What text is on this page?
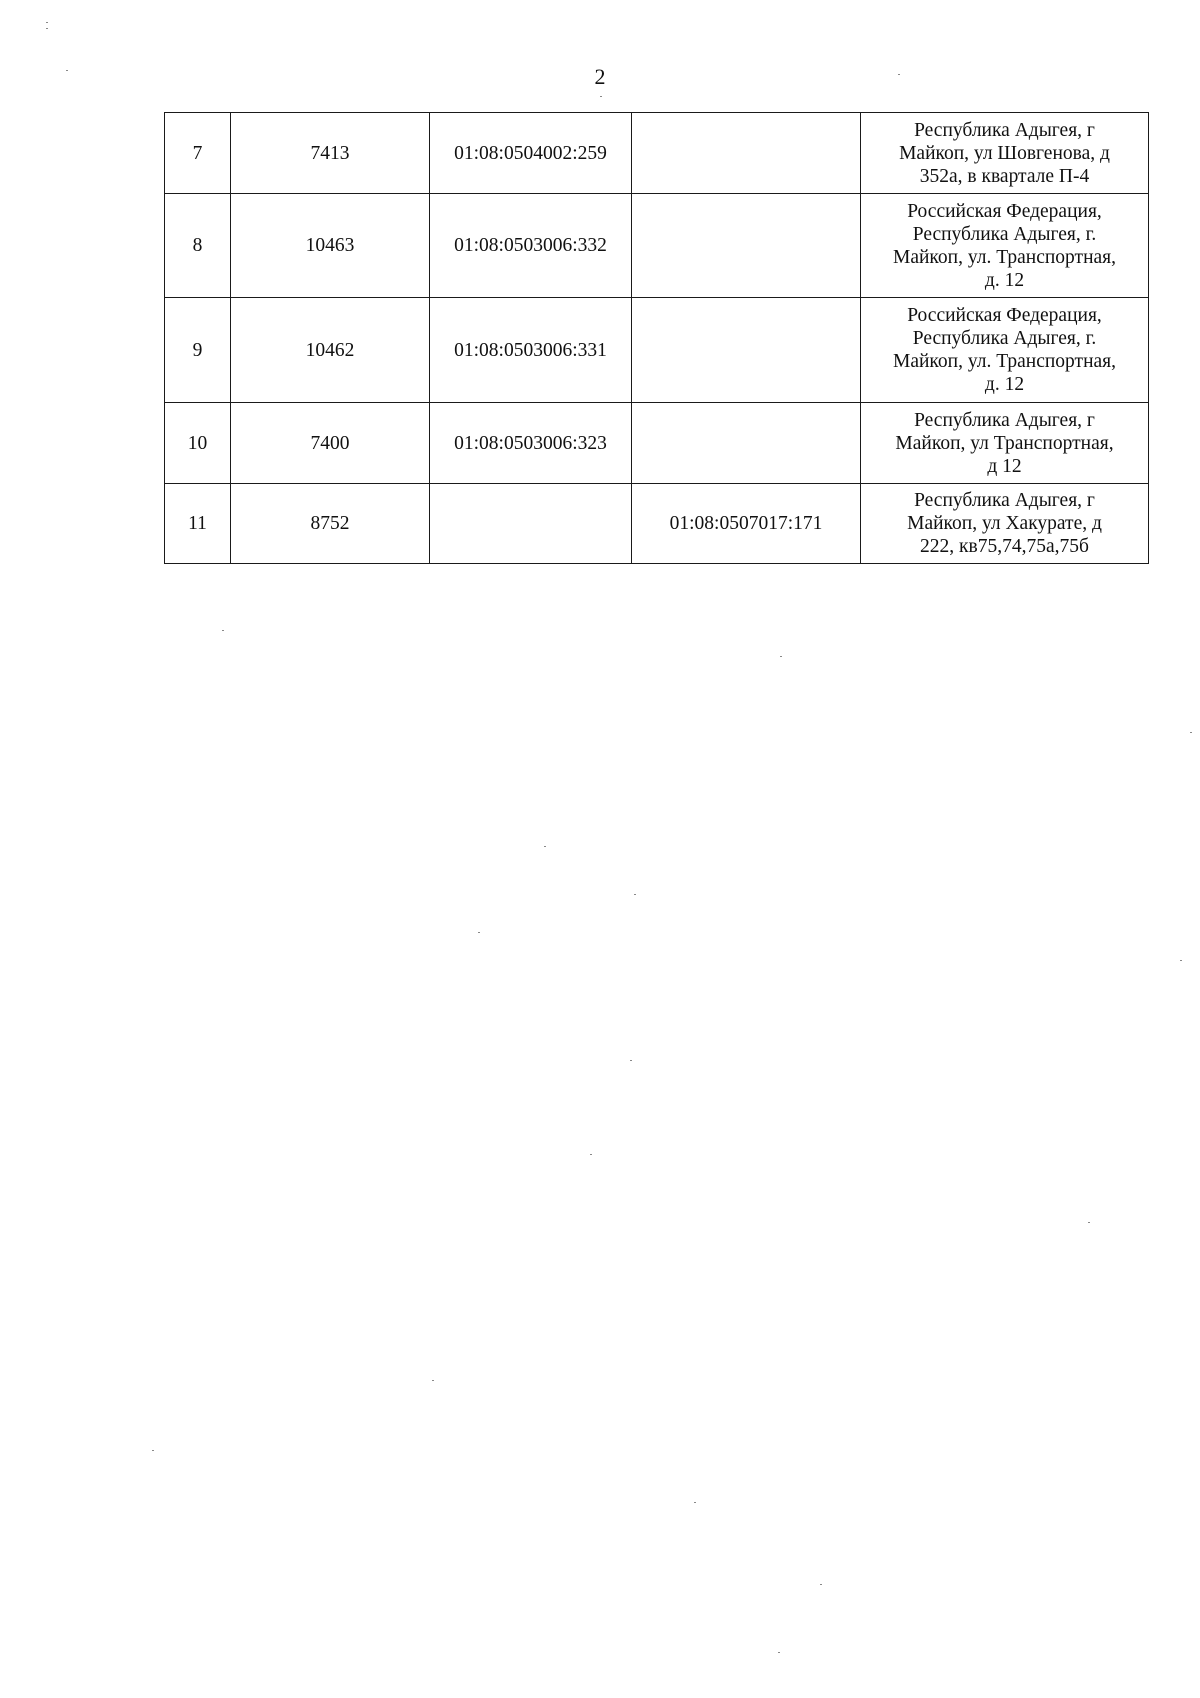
2
7	7413	01:08:0504002:259		Республика Адыгея, г
Майкоп, ул Шовгенова, д
352а, в квартале П-4

8	10463	01:08:0503006:332		Российская Федерация,
Республика Адыгея, г.
Майкоп, ул. Транспортная,
д. 12

9	10462	01:08:0503006:331		Российская Федерация,
Республика Адыгея, г.
Майкоп, ул. Транспортная,
д. 12

10	7400	01:08:0503006:323		Республика Адыгея, г
Майкоп, ул Транспортная,
д 12

11	8752		01:08:0507017:171	Республика Адыгея, г
Майкоп, ул Хакурате, д
222, кв75,74,75а,75б
